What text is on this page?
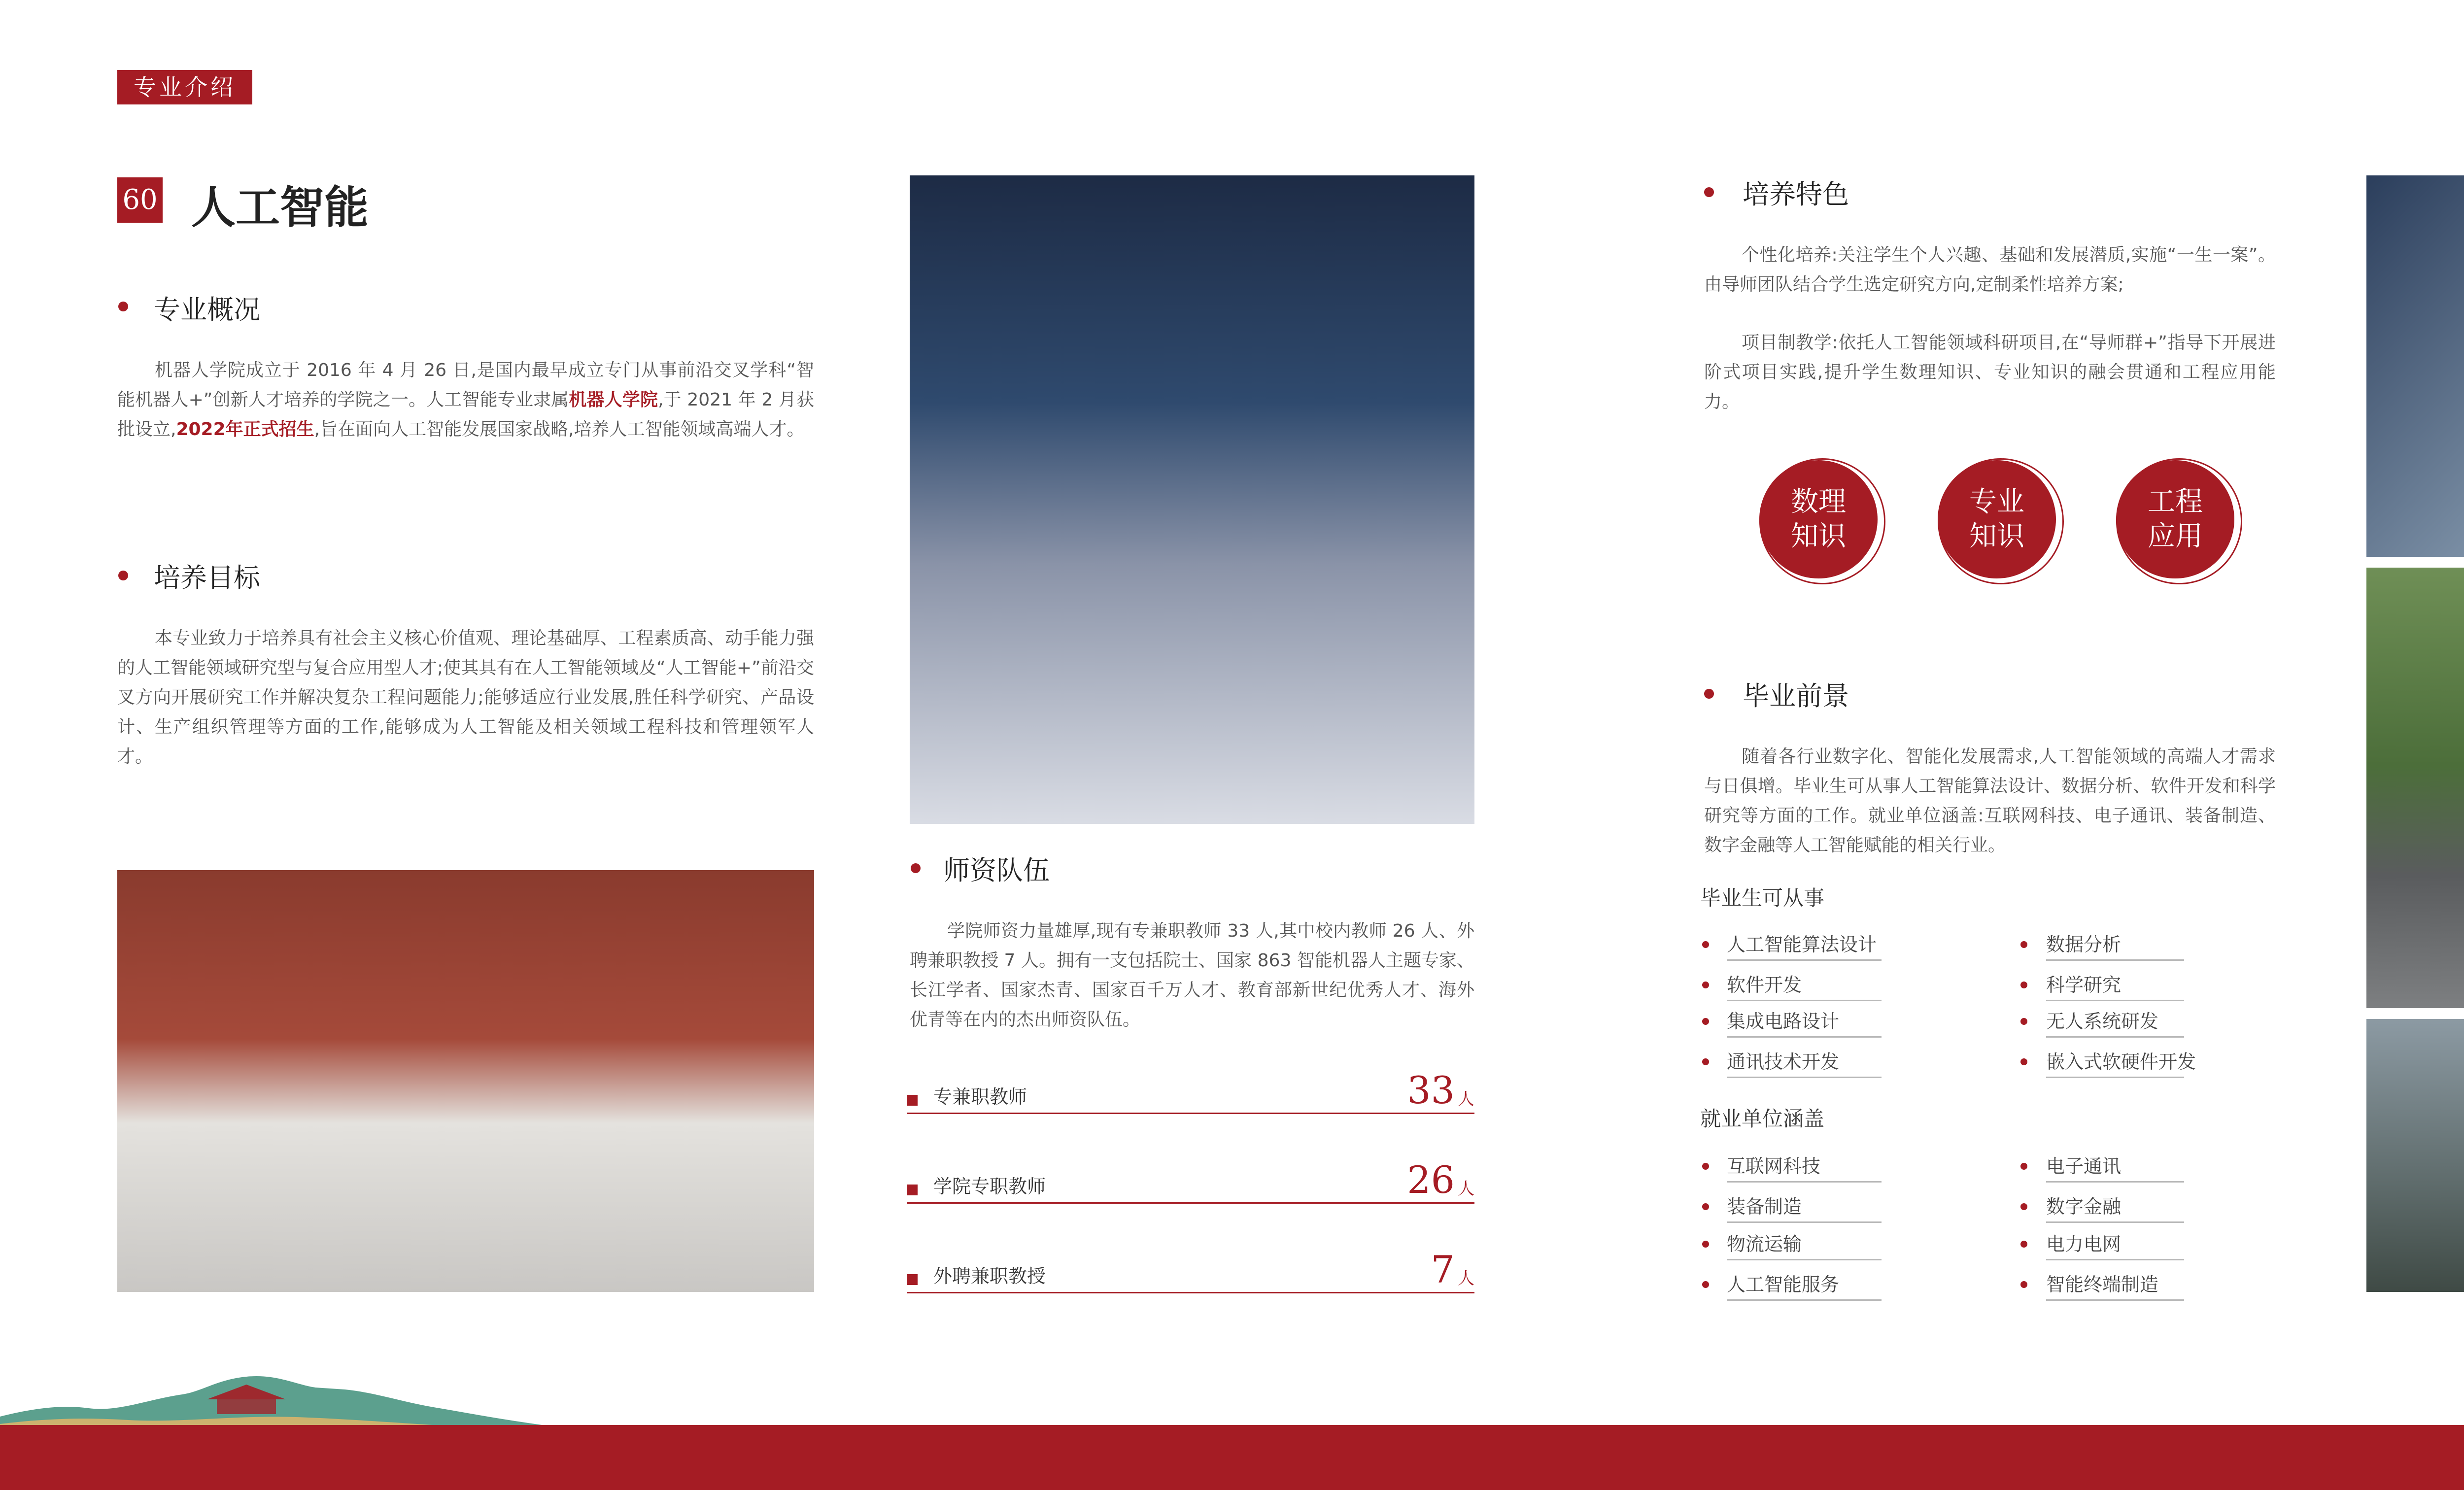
专业介绍
60 人工智能
专业概况
机器人学院成立于 2016 年 4 月 26 日,是国内最早成立专门从事前沿交叉学科“智能机器人+”创新人才培养的学院之一。人工智能专业隶属机器人学院,于 2021 年 2 月获批设立,2022年正式招生,旨在面向人工智能发展国家战略,培养人工智能领域高端人才。
培养目标
本专业致力于培养具有社会主义核心价值观、理论基础厚、工程素质高、动手能力强的人工智能领域研究型与复合应用型人才;使其具有在人工智能领域及“人工智能+”前沿交叉方向开展研究工作并解决复杂工程问题能力;能够适应行业发展,胜任科学研究、产品设计、生产组织管理等方面的工作,能够成为人工智能及相关领域工程科技和管理领军人才。
师资队伍
学院师资力量雄厚,现有专兼职教师 33 人,其中校内教师 26 人、外聘兼职教授 7 人。拥有一支包括院士、国家 863 智能机器人主题专家、长江学者、国家杰青、国家百千万人才、教育部新世纪优秀人才、海外优青等在内的杰出师资队伍。
专兼职教师	33 人
学院专职教师	26 人
外聘兼职教授	7 人
培养特色
个性化培养:关注学生个人兴趣、基础和发展潜质,实施“一生一案”。由导师团队结合学生选定研究方向,定制柔性培养方案;
项目制教学:依托人工智能领域科研项目,在“导师群+”指导下开展进阶式项目实践,提升学生数理知识、专业知识的融会贯通和工程应用能力。
数理
知识
专业
知识
工程
应用
毕业前景
随着各行业数字化、智能化发展需求,人工智能领域的高端人才需求与日俱增。毕业生可从事人工智能算法设计、数据分析、软件开发和科学研究等方面的工作。就业单位涵盖:互联网科技、电子通讯、装备制造、数字金融等人工智能赋能的相关行业。
毕业生可从事
人工智能算法设计
软件开发
集成电路设计
通讯技术开发
数据分析
科学研究
无人系统研发
嵌入式软硬件开发
就业单位涵盖
互联网科技
装备制造
物流运输
人工智能服务
电子通讯
数字金融
电力电网
智能终端制造
